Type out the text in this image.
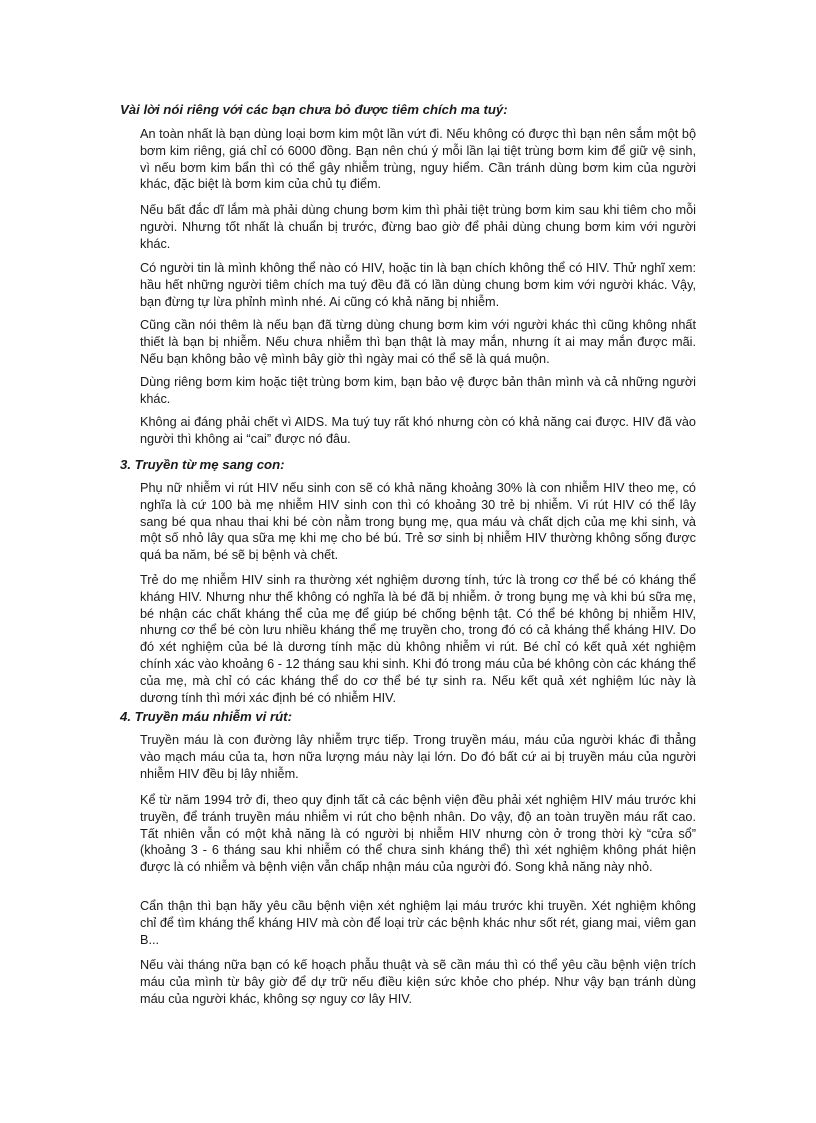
Vài lời nói riêng với các bạn chưa bỏ được tiêm chích ma tuý:

An toàn nhất là bạn dùng loại bơm kim một lần vứt đi. Nếu không có được thì bạn nên sắm một bộ bơm kim riêng, giá chỉ có 6000 đồng. Bạn nên chú ý mỗi lần lại tiệt trùng bơm kim để giữ vệ sinh, vì nếu bơm kim bẩn thì có thể gây nhiễm trùng, nguy hiểm. Cần tránh dùng bơm kim của người khác, đặc biệt là bơm kim của chủ tụ điểm.

Nếu bất đắc dĩ lắm mà phải dùng chung bơm kim thì phải tiệt trùng bơm kim sau khi tiêm cho mỗi người. Nhưng tốt nhất là chuẩn bị trước, đừng bao giờ để phải dùng chung bơm kim với người khác.

Có người tin là mình không thể nào có HIV, hoặc tin là bạn chích không thể có HIV. Thử nghĩ xem: hầu hết những người tiêm chích ma tuý đều đã có lần dùng chung bơm kim với người khác. Vậy, bạn đừng tự lừa phỉnh mình nhé. Ai cũng có khả năng bị nhiễm.

Cũng cần nói thêm là nếu bạn đã từng dùng chung bơm kim với người khác thì cũng không nhất thiết là bạn bị nhiễm. Nếu chưa nhiễm thì bạn thật là may mắn, nhưng ít ai may mắn được mãi. Nếu bạn không bảo vệ mình bây giờ thì ngày mai có thể sẽ là quá muộn.

Dùng riêng bơm kim hoặc tiệt trùng bơm kim, bạn bảo vệ được bản thân mình và cả những người khác.

Không ai đáng phải chết vì AIDS. Ma tuý tuy rất khó nhưng còn có khả năng cai được. HIV đã vào người thì không ai “cai” được nó đâu.

3. Truyền từ mẹ sang con:

Phụ nữ nhiễm vi rút HIV nếu sinh con sẽ có khả năng khoảng 30% là con nhiễm HIV theo mẹ, có nghĩa là cứ 100 bà mẹ nhiễm HIV sinh con thì có khoảng 30 trẻ bị nhiễm. Vi rút HIV có thể lây sang bé qua nhau thai khi bé còn nằm trong bụng mẹ, qua máu và chất dịch của mẹ khi sinh, và một số nhỏ lây qua sữa mẹ khi mẹ cho bé bú. Trẻ sơ sinh bị nhiễm HIV thường không sống được quá ba năm, bé sẽ bị bệnh và chết.

Trẻ do mẹ nhiễm HIV sinh ra thường xét nghiệm dương tính, tức là trong cơ thể bé có kháng thể kháng HIV. Nhưng như thế không có nghĩa là bé đã bị nhiễm. ở trong bụng mẹ và khi bú sữa mẹ, bé nhận các chất kháng thể của mẹ để giúp bé chống bệnh tật. Có thể bé không bị nhiễm HIV, nhưng cơ thể bé còn lưu nhiều kháng thể mẹ truyền cho, trong đó có cả kháng thể kháng HIV. Do đó xét nghiệm của bé là dương tính mặc dù không nhiễm vi rút. Bé chỉ có kết quả xét nghiệm chính xác vào khoảng 6 - 12 tháng sau khi sinh. Khi đó trong máu của bé không còn các kháng thể của mẹ, mà chỉ có các kháng thể do cơ thể bé tự sinh ra. Nếu kết quả xét nghiệm lúc này là dương tính thì mới xác định bé có nhiễm HIV.

4. Truyền máu nhiễm vi rút:

Truyền máu là con đường lây nhiễm trực tiếp. Trong truyền máu, máu của người khác đi thẳng vào mạch máu của ta, hơn nữa lượng máu này lại lớn. Do đó bất cứ ai bị truyền máu của người nhiễm HIV đều bị lây nhiễm.

Kể từ năm 1994 trở đi, theo quy định tất cả các bệnh viện đều phải xét nghiệm HIV máu trước khi truyền, để tránh truyền máu nhiễm vi rút cho bệnh nhân. Do vậy, độ an toàn truyền máu rất cao. Tất nhiên vẫn có một khả năng là có người bị nhiễm HIV nhưng còn ở trong thời kỳ “cửa sổ” (khoảng 3 - 6 tháng sau khi nhiễm có thể chưa sinh kháng thể) thì xét nghiệm không phát hiện được là có nhiễm và bệnh viện vẫn chấp nhận máu của người đó. Song khả năng này nhỏ.

Cẩn thận thì bạn hãy yêu cầu bệnh viện xét nghiệm lại máu trước khi truyền. Xét nghiệm không chỉ để tìm kháng thể kháng HIV mà còn để loại trừ các bệnh khác như sốt rét, giang mai, viêm gan B...

Nếu vài tháng nữa bạn có kế hoạch phẫu thuật và sẽ cần máu thì có thể yêu cầu bệnh viện trích máu của mình từ bây giờ để dự trữ nếu điều kiện sức khỏe cho phép. Như vậy bạn tránh dùng máu của người khác, không sợ nguy cơ lây HIV.
